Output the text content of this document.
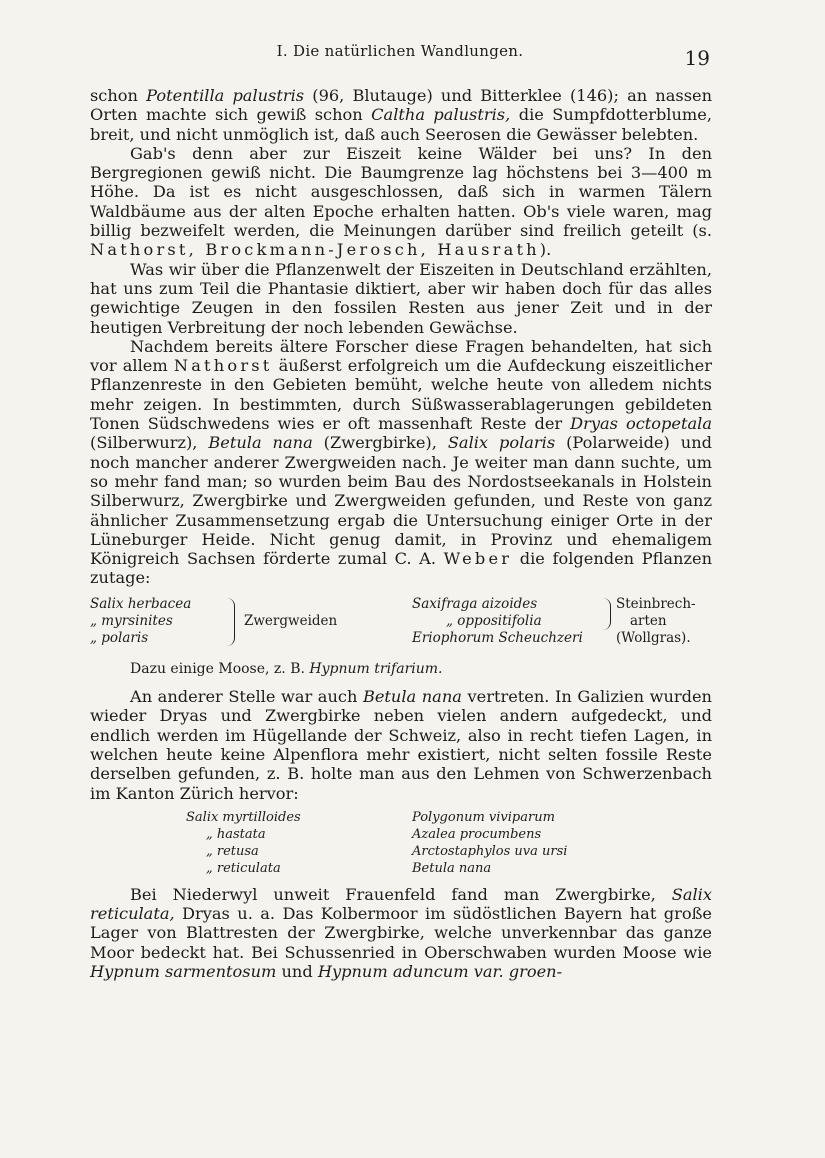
I. Die natürlichen Wandlungen.	19

schon Potentilla palustris (96, Blutauge) und Bitterklee (146); an nassen Orten machte sich gewiß schon Caltha palustris, die Sumpfdotterblume, breit, und nicht unmöglich ist, daß auch Seerosen die Gewässer belebten.

Gab's denn aber zur Eiszeit keine Wälder bei uns? In den Bergregionen gewiß nicht. Die Baumgrenze lag höchstens bei 3—400 m Höhe. Da ist es nicht ausgeschlossen, daß sich in warmen Tälern Waldbäume aus der alten Epoche erhalten hatten. Ob's viele waren, mag billig bezweifelt werden, die Meinungen darüber sind freilich geteilt (s. Nathorst, Brockmann-Jerosch, Hausrath).

Was wir über die Pflanzenwelt der Eiszeiten in Deutschland erzählten, hat uns zum Teil die Phantasie diktiert, aber wir haben doch für das alles gewichtige Zeugen in den fossilen Resten aus jener Zeit und in der heutigen Verbreitung der noch lebenden Gewächse.

Nachdem bereits ältere Forscher diese Fragen behandelten, hat sich vor allem Nathorst äußerst erfolgreich um die Aufdeckung eiszeitlicher Pflanzenreste in den Gebieten bemüht, welche heute von alledem nichts mehr zeigen. In bestimmten, durch Süßwasserablagerungen gebildeten Tonen Südschwedens wies er oft massenhaft Reste der Dryas octopetala (Silberwurz), Betula nana (Zwergbirke), Salix polaris (Polarweide) und noch mancher anderer Zwergweiden nach. Je weiter man dann suchte, um so mehr fand man; so wurden beim Bau des Nordostseekanals in Holstein Silberwurz, Zwergbirke und Zwergweiden gefunden, und Reste von ganz ähnlicher Zusammensetzung ergab die Untersuchung einiger Orte in der Lüneburger Heide. Nicht genug damit, in Provinz und ehemaligem Königreich Sachsen förderte zumal C. A. Weber die folgenden Pflanzen zutage:

Salix herbacea
„ myrsinites
„ polaris
Zwergweiden
Saxifraga aizoides
„ oppositifolia
Eriophorum Scheuchzeri
Steinbrech-
arten
(Wollgras).
Dazu einige Moose, z. B. Hypnum trifarium.

An anderer Stelle war auch Betula nana vertreten. In Galizien wurden wieder Dryas und Zwergbirke neben vielen andern aufgedeckt, und endlich werden im Hügellande der Schweiz, also in recht tiefen Lagen, in welchen heute keine Alpenflora mehr existiert, nicht selten fossile Reste derselben gefunden, z. B. holte man aus den Lehmen von Schwerzenbach im Kanton Zürich hervor:

Salix myrtilloides
„ hastata
„ retusa
„ reticulata
Polygonum viviparum
Azalea procumbens
Arctostaphylos uva ursi
Betula nana

Bei Niederwyl unweit Frauenfeld fand man Zwergbirke, Salix reticulata, Dryas u. a. Das Kolbermoor im südöstlichen Bayern hat große Lager von Blattresten der Zwergbirke, welche unverkennbar das ganze Moor bedeckt hat. Bei Schussenried in Oberschwaben wurden Moose wie Hypnum sarmentosum und Hypnum aduncum var. groen-
